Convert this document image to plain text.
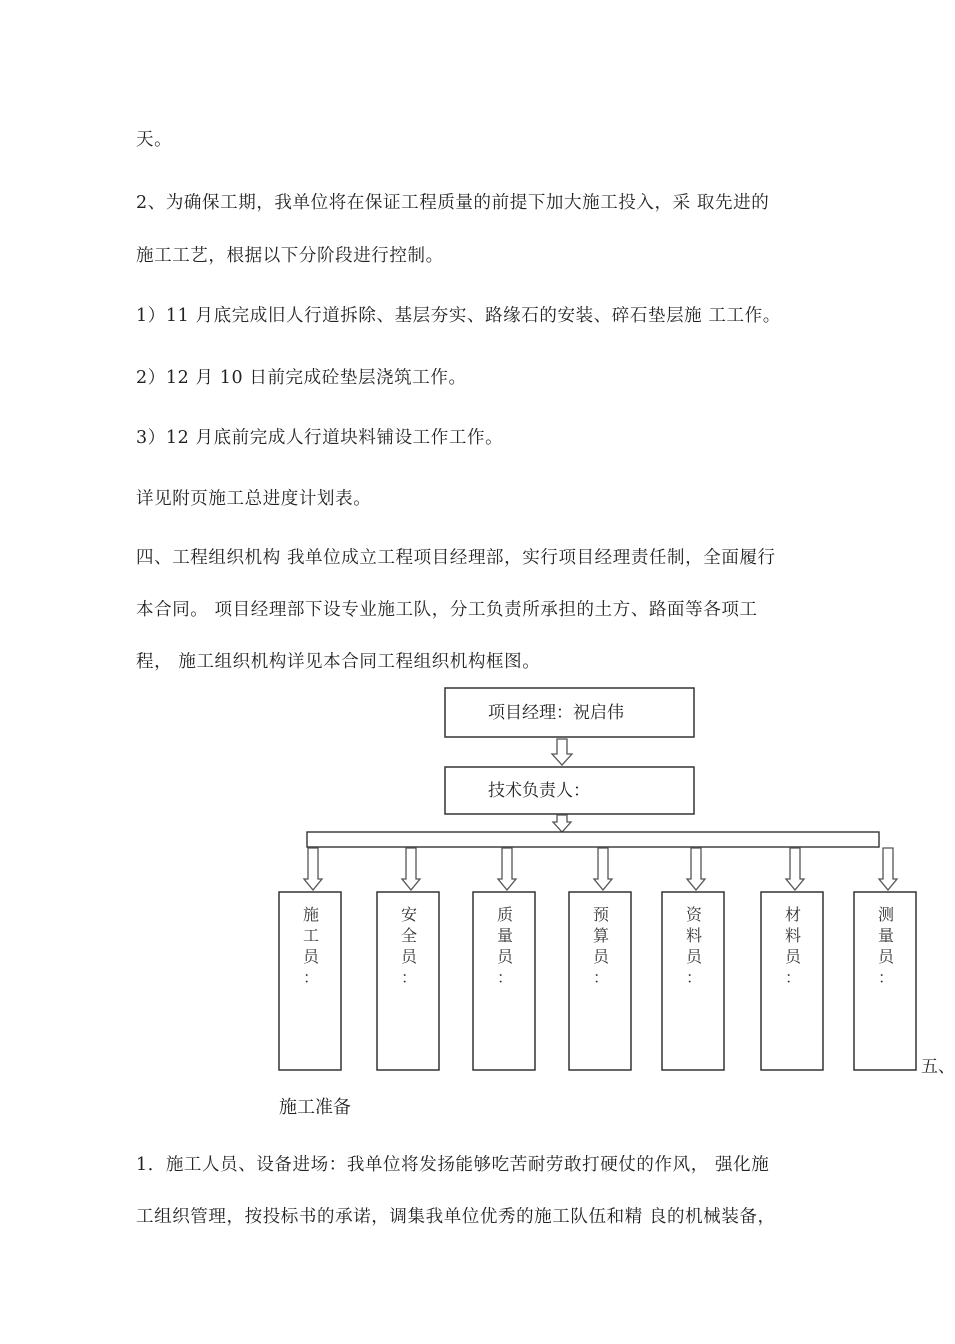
天。

2、为确保工期，我单位将在保证工程质量的前提下加大施工投入，采 取先进的

施工工艺，根据以下分阶段进行控制。

1）11 月底完成旧人行道拆除、基层夯实、路缘石的安装、碎石垫层施 工工作。

2）12 月 10 日前完成砼垫层浇筑工作。

3）12 月底前完成人行道块料铺设工作工作。

详见附页施工总进度计划表。

四、工程组织机构 我单位成立工程项目经理部，实行项目经理责任制，全面履行

本合同。 项目经理部下设专业施工队，分工负责所承担的土方、路面等各项工

程， 施工组织机构详见本合同工程组织机构框图。

项目经理：祝启伟
技术负责人：
施工员：
安全员：
质量员：
预算员：
资料员：
材料员：
测量员：
五、
施工准备

1．施工人员、设备进场：我单位将发扬能够吃苦耐劳敢打硬仗的作风， 强化施

工组织管理，按投标书的承诺，调集我单位优秀的施工队伍和精 良的机械装备，
